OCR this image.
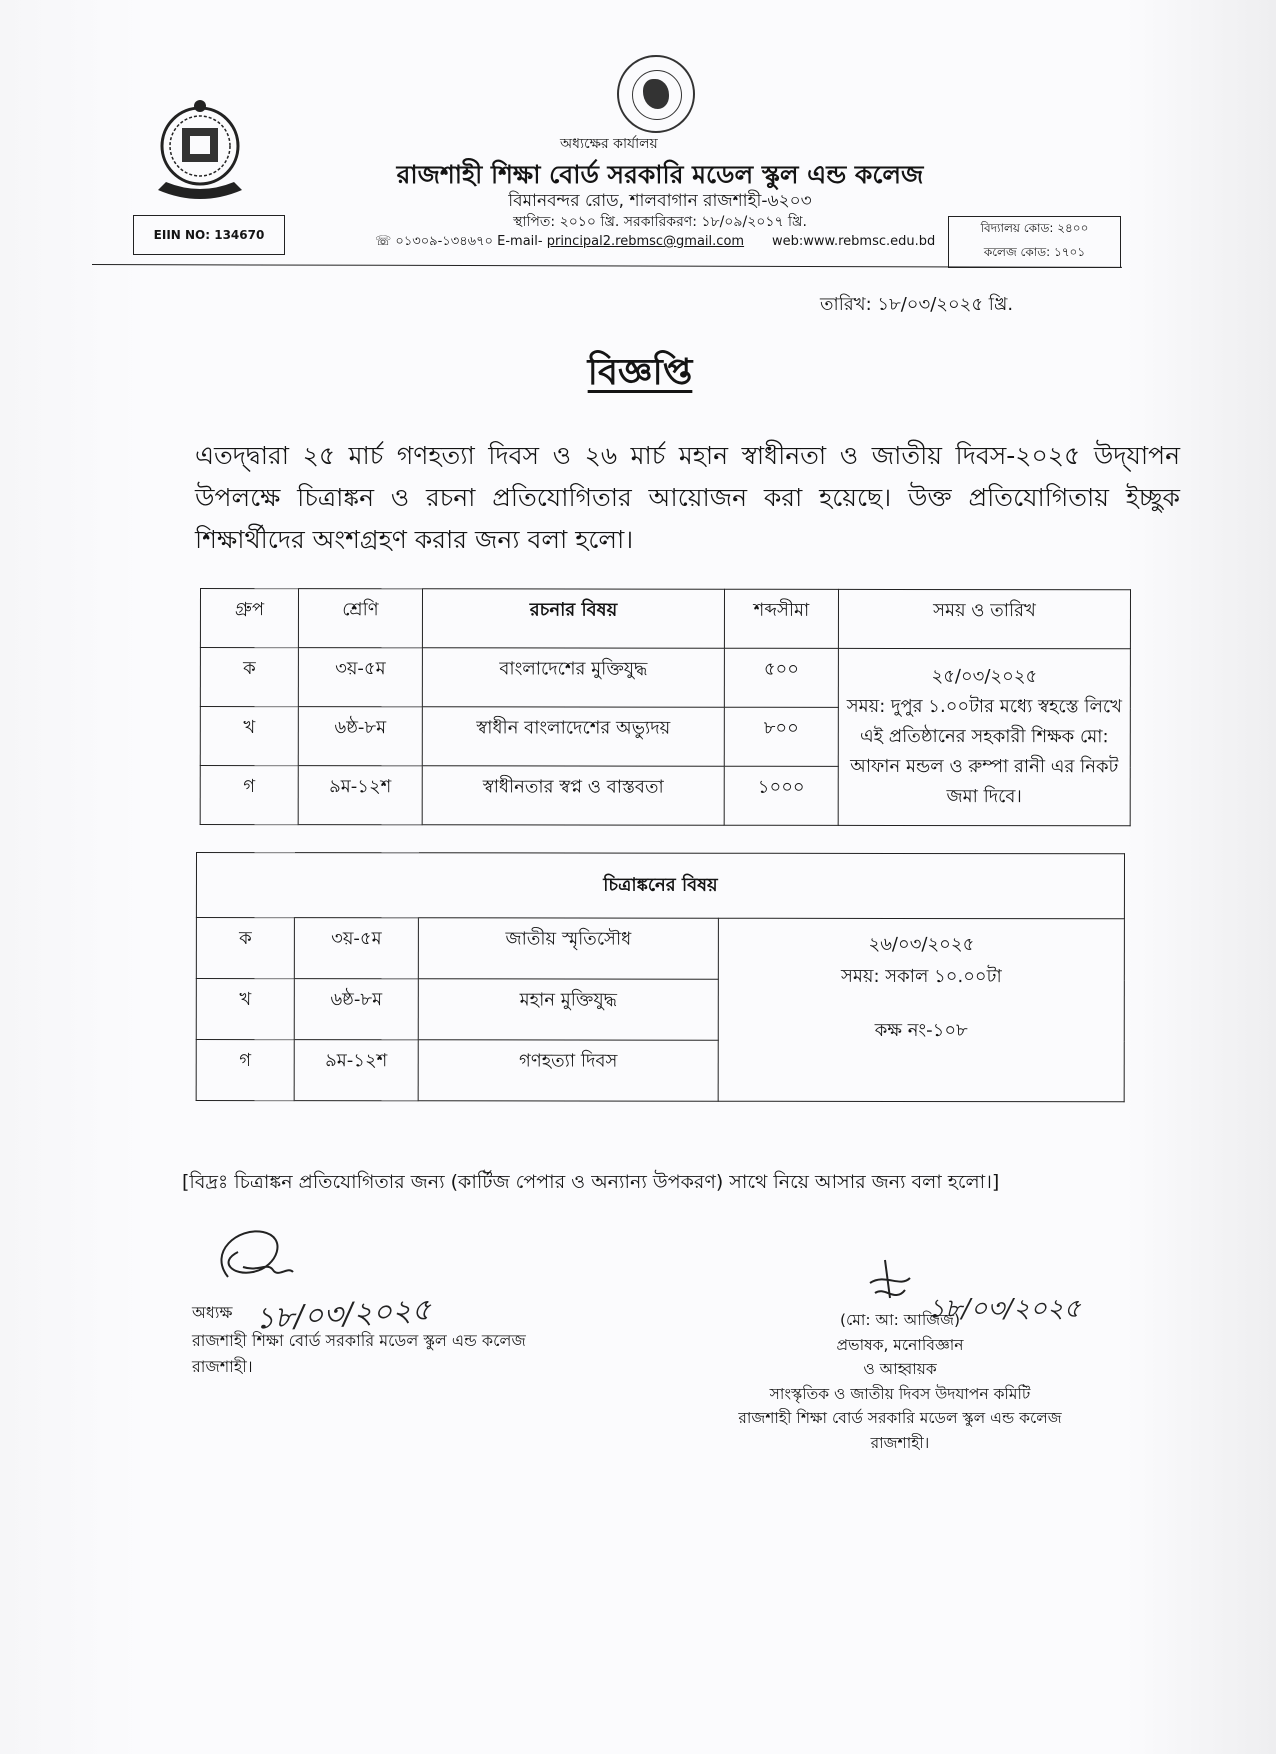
অধ্যক্ষের কার্যালয়
রাজশাহী শিক্ষা বোর্ড সরকারি মডেল স্কুল এন্ড কলেজ
বিমানবন্দর রোড, শালবাগান রাজশাহী-৬২০৩
স্থাপিত: ২০১০ খ্রি. সরকারিকরণ: ১৮/০৯/২০১৭ খ্রি.
☏ ০১৩০৯-১৩৪৬৭০ E-mail- principal2.rebmsc@gmail.com web:www.rebmsc.edu.bd
EIIN NO: 134670	বিদ্যালয় কোড: ২৪০০
কলেজ কোড: ১৭০১
তারিখ: ১৮/০৩/২০২৫ খ্রি.
বিজ্ঞপ্তি
এতদ্দ্বারা ২৫ মার্চ গণহত্যা দিবস ও ২৬ মার্চ মহান স্বাধীনতা ও জাতীয় দিবস-২০২৫ উদ্‌যাপন উপলক্ষে চিত্রাঙ্কন ও রচনা প্রতিযোগিতার আয়োজন করা হয়েছে। উক্ত প্রতিযোগিতায় ইচ্ছুক শিক্ষার্থীদের অংশগ্রহণ করার জন্য বলা হলো।
গ্রুপ	শ্রেণি	রচনার বিষয়	শব্দসীমা	সময় ও তারিখ
ক	৩য়-৫ম	বাংলাদেশের মুক্তিযুদ্ধ	৫০০	২৫/০৩/২০২৫
সময়: দুপুর ১.০০টার মধ্যে স্বহস্তে লিখে এই প্রতিষ্ঠানের সহকারী শিক্ষক মো: আফান মন্ডল ও রুম্পা রানী এর নিকট জমা দিবে।

খ	৬ষ্ঠ-৮ম	স্বাধীন বাংলাদেশের অভ্যুদয়	৮০০	
গ	৯ম-১২শ	স্বাধীনতার স্বপ্ন ও বাস্তবতা	১০০০	
চিত্রাঙ্কনের বিষয়			
ক	৩য়-৫ম	জাতীয় স্মৃতিসৌধ	২৬/০৩/২০২৫
সময়: সকাল ১০.০০টা
কক্ষ নং-১০৮

খ	৬ষ্ঠ-৮ম	মহান মুক্তিযুদ্ধ	
গ	৯ম-১২শ	গণহত্যা দিবস	
[বিদ্রঃ চিত্রাঙ্কন প্রতিযোগিতার জন্য (কার্টিজ পেপার ও অন্যান্য উপকরণ) সাথে নিয়ে আসার জন্য বলা হলো।]
১৮/০৩/২০২৫
অধ্যক্ষ
রাজশাহী শিক্ষা বোর্ড সরকারি মডেল স্কুল এন্ড কলেজ
রাজশাহী।
১৮/০৩/২০২৫
(মো: আ: আজিজ)
প্রভাষক, মনোবিজ্ঞান
ও আহ্বায়ক
সাংস্কৃতিক ও জাতীয় দিবস উদযাপন কমিটি
রাজশাহী শিক্ষা বোর্ড সরকারি মডেল স্কুল এন্ড কলেজ
রাজশাহী।
